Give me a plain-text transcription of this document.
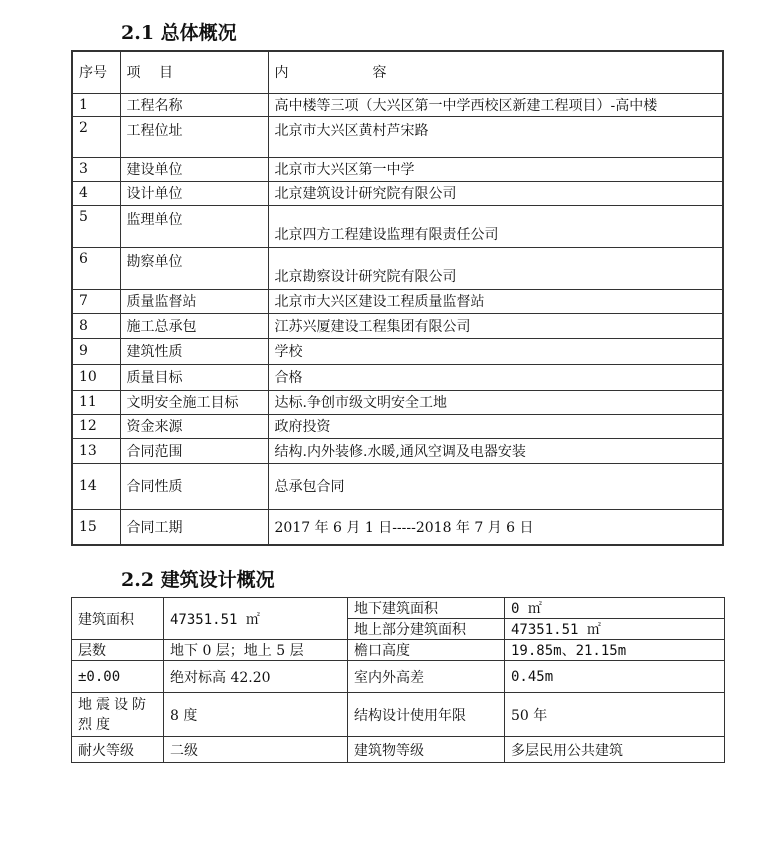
2.1 总体概况
序号	项　 目	内　　　　　　容
1	工程名称	高中楼等三项（大兴区第一中学西校区新建工程项目）-高中楼
2	工程位址	北京市大兴区黄村芦宋路
3	建设单位	北京市大兴区第一中学
4	设计单位	北京建筑设计研究院有限公司
5	监理单位	北京四方工程建设监理有限责任公司
6	勘察单位	北京勘察设计研究院有限公司
7	质量监督站	北京市大兴区建设工程质量监督站
8	施工总承包	江苏兴厦建设工程集团有限公司
9	建筑性质	学校
10	质量目标	合格
11	文明安全施工目标	达标.争创市级文明安全工地
12	资金来源	政府投资
13	合同范围	结构.内外装修.水暖,通风空调及电器安装
14	合同性质	总承包合同
15	合同工期	2017 年 6 月 1 日-----2018 年 7 月 6 日
2.2 建筑设计概况
建筑面积	47351.51 ㎡	地下建筑面积	0 ㎡
		地上部分建筑面积	47351.51 ㎡
层数	地下 0 层；地上 5 层	檐口高度	19.85m、21.15m
±0.00	绝对标高 42.20	室内外高差	0.45m
地震设防烈度	8 度	结构设计使用年限	50 年
耐火等级	二级	建筑物等级	多层民用公共建筑
